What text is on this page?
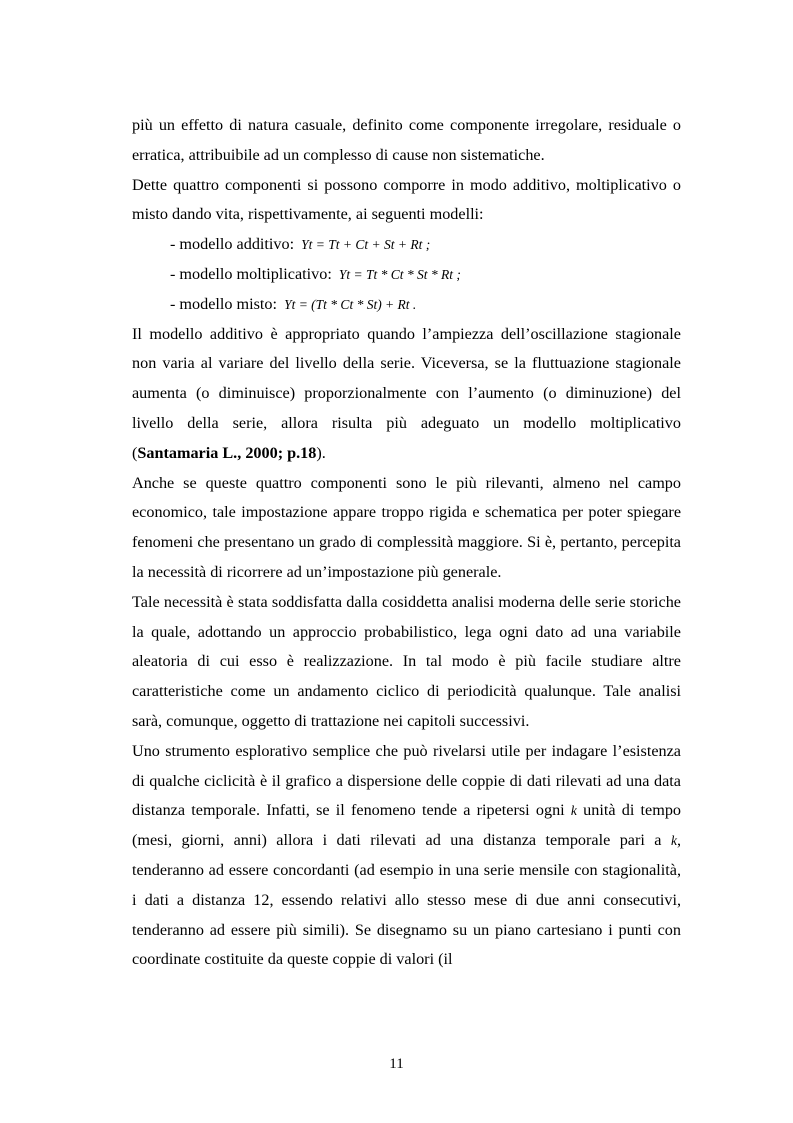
più un effetto di natura casuale, definito come componente irregolare, residuale o erratica, attribuibile ad un complesso di cause non sistematiche.

Dette quattro componenti si possono comporre in modo additivo, moltiplicativo o misto dando vita, rispettivamente, ai seguenti modelli:

- modello additivo: Yt = Tt + Ct + St + Rt ;

- modello moltiplicativo: Yt = Tt * Ct * St * Rt ;

- modello misto: Yt = (Tt * Ct * St) + Rt .

Il modello additivo è appropriato quando l’ampiezza dell’oscillazione stagionale non varia al variare del livello della serie. Viceversa, se la fluttuazione stagionale aumenta (o diminuisce) proporzionalmente con l’aumento (o diminuzione) del livello della serie, allora risulta più adeguato un modello moltiplicativo (Santamaria L., 2000; p.18).

Anche se queste quattro componenti sono le più rilevanti, almeno nel campo economico, tale impostazione appare troppo rigida e schematica per poter spiegare fenomeni che presentano un grado di complessità maggiore. Si è, pertanto, percepita la necessità di ricorrere ad un’impostazione più generale.

Tale necessità è stata soddisfatta dalla cosiddetta analisi moderna delle serie storiche la quale, adottando un approccio probabilistico, lega ogni dato ad una variabile aleatoria di cui esso è realizzazione. In tal modo è più facile studiare altre caratteristiche come un andamento ciclico di periodicità qualunque. Tale analisi sarà, comunque, oggetto di trattazione nei capitoli successivi.

Uno strumento esplorativo semplice che può rivelarsi utile per indagare l’esistenza di qualche ciclicità è il grafico a dispersione delle coppie di dati rilevati ad una data distanza temporale. Infatti, se il fenomeno tende a ripetersi ogni k unità di tempo (mesi, giorni, anni) allora i dati rilevati ad una distanza temporale pari a k, tenderanno ad essere concordanti (ad esempio in una serie mensile con stagionalità, i dati a distanza 12, essendo relativi allo stesso mese di due anni consecutivi, tenderanno ad essere più simili). Se disegnamo su un piano cartesiano i punti con coordinate costituite da queste coppie di valori (il

11
